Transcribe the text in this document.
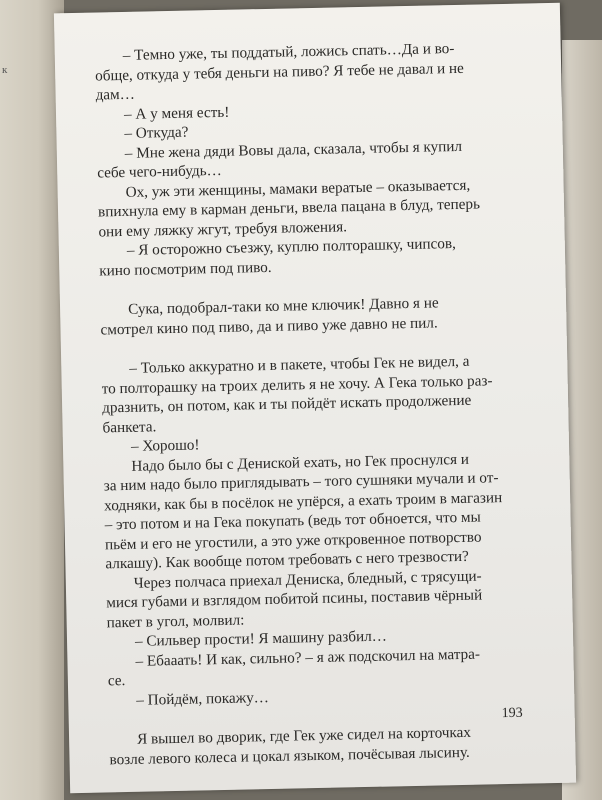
к
– Темно уже, ты поддатый, ложись спать…Да и во-
обще, откуда у тебя деньги на пиво? Я тебе не давал и не
дам…
– А у меня есть!
– Откуда?
– Мне жена дяди Вовы дала, сказала, чтобы я купил
себе чего-нибудь…
Ох, уж эти женщины, мамаки вератые – оказывается,
впихнула ему в карман деньги, ввела пацана в блуд, теперь
они ему ляжку жгут, требуя вложения.
– Я осторожно съезжу, куплю полторашку, чипсов,
кино посмотрим под пиво.
Сука, подобрал-таки ко мне ключик! Давно я не
смотрел кино под пиво, да и пиво уже давно не пил.
– Только аккуратно и в пакете, чтобы Гек не видел, а
то полторашку на троих делить я не хочу. А Гека только раз-
дразнить, он потом, как и ты пойдёт искать продолжение
банкета.
– Хорошо!
Надо было бы с Дениской ехать, но Гек проснулся и
за ним надо было приглядывать – того сушняки мучали и от-
ходняки, как бы в посёлок не упёрся, а ехать троим в магазин
– это потом и на Гека покупать (ведь тот обноется, что мы
пьём и его не угостили, а это уже откровенное потворство
алкашу). Как вообще потом требовать с него трезвости?
Через полчаса приехал Дениска, бледный, с трясущи-
мися губами и взглядом побитой псины, поставив чёрный
пакет в угол, молвил:
– Сильвер прости! Я машину разбил…
– Ебааать! И как, сильно? – я аж подскочил на матра-
се.
– Пойдём, покажу…
Я вышел во дворик, где Гек уже сидел на корточках
возле левого колеса и цокал языком, почёсывая лысину.
193
